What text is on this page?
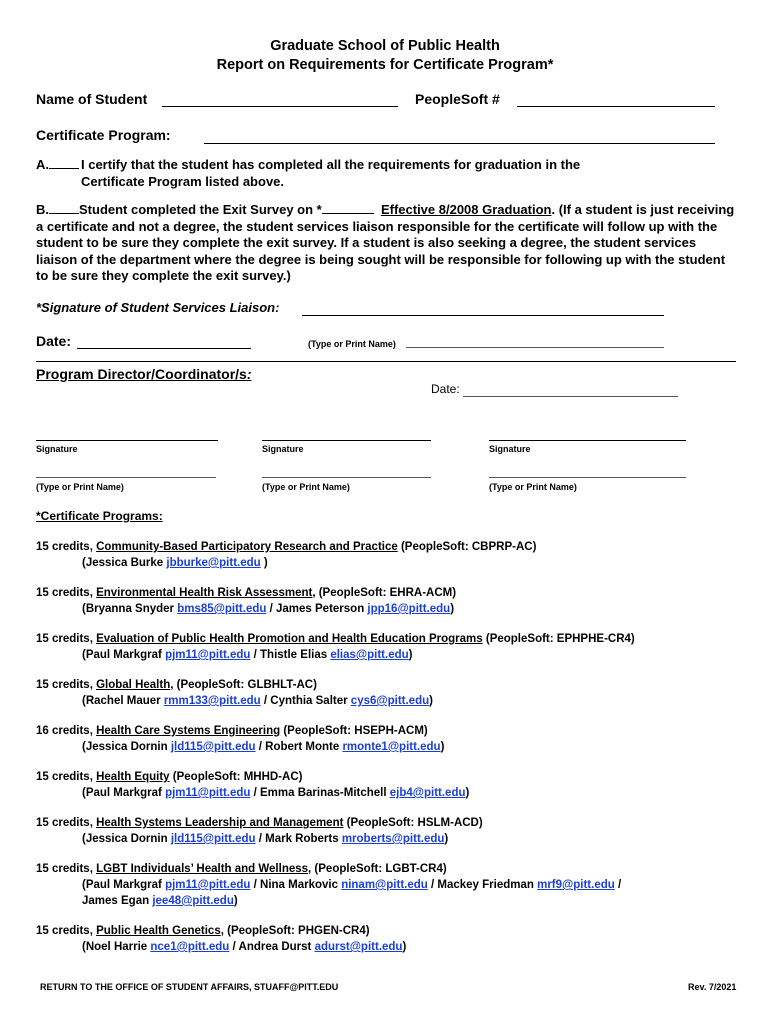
Graduate School of Public Health
Report on Requirements for Certificate Program*
Name of Student	PeopleSoft #
Certificate Program:
A.	I certify that the student has completed all the requirements for graduation in the
Certificate Program listed above.
B. Student completed the Exit Survey on *	Effective 8/2008 Graduation. (If a student is just receiving a certificate and not a degree, the student services liaison responsible for the certificate will follow up with the student to be sure they complete the exit survey. If a student is also seeking a degree, the student services liaison of the department where the degree is being sought will be responsible for following up with the student to be sure they complete the exit survey.)
*Signature of Student Services Liaison:
Date:	(Type or Print Name)
Program Director/Coordinator/s:
Date:
Signature	Signature	Signature
(Type or Print Name)	(Type or Print Name)	(Type or Print Name)
*Certificate Programs:
15 credits, Community-Based Participatory Research and Practice (PeopleSoft: CBPRP-AC)
(Jessica Burke jbburke@pitt.edu )
15 credits, Environmental Health Risk Assessment, (PeopleSoft: EHRA-ACM)
(Bryanna Snyder bms85@pitt.edu / James Peterson jpp16@pitt.edu)
15 credits, Evaluation of Public Health Promotion and Health Education Programs (PeopleSoft: EPHPHE-CR4)
(Paul Markgraf pjm11@pitt.edu / Thistle Elias elias@pitt.edu)
15 credits, Global Health, (PeopleSoft: GLBHLT-AC)
(Rachel Mauer rmm133@pitt.edu / Cynthia Salter cys6@pitt.edu)
16 credits, Health Care Systems Engineering (PeopleSoft: HSEPH-ACM)
(Jessica Dornin jld115@pitt.edu / Robert Monte rmonte1@pitt.edu)
15 credits, Health Equity (PeopleSoft: MHHD-AC)
(Paul Markgraf pjm11@pitt.edu / Emma Barinas-Mitchell ejb4@pitt.edu)
15 credits, Health Systems Leadership and Management (PeopleSoft: HSLM-ACD)
(Jessica Dornin jld115@pitt.edu / Mark Roberts mroberts@pitt.edu)
15 credits, LGBT Individuals’ Health and Wellness, (PeopleSoft: LGBT-CR4)
(Paul Markgraf pjm11@pitt.edu / Nina Markovic ninam@pitt.edu / Mackey Friedman mrf9@pitt.edu /
James Egan jee48@pitt.edu)
15 credits, Public Health Genetics, (PeopleSoft: PHGEN-CR4)
(Noel Harrie nce1@pitt.edu / Andrea Durst adurst@pitt.edu)
RETURN TO THE OFFICE OF STUDENT AFFAIRS, STUAFF@PITT.EDU	Rev. 7/2021
